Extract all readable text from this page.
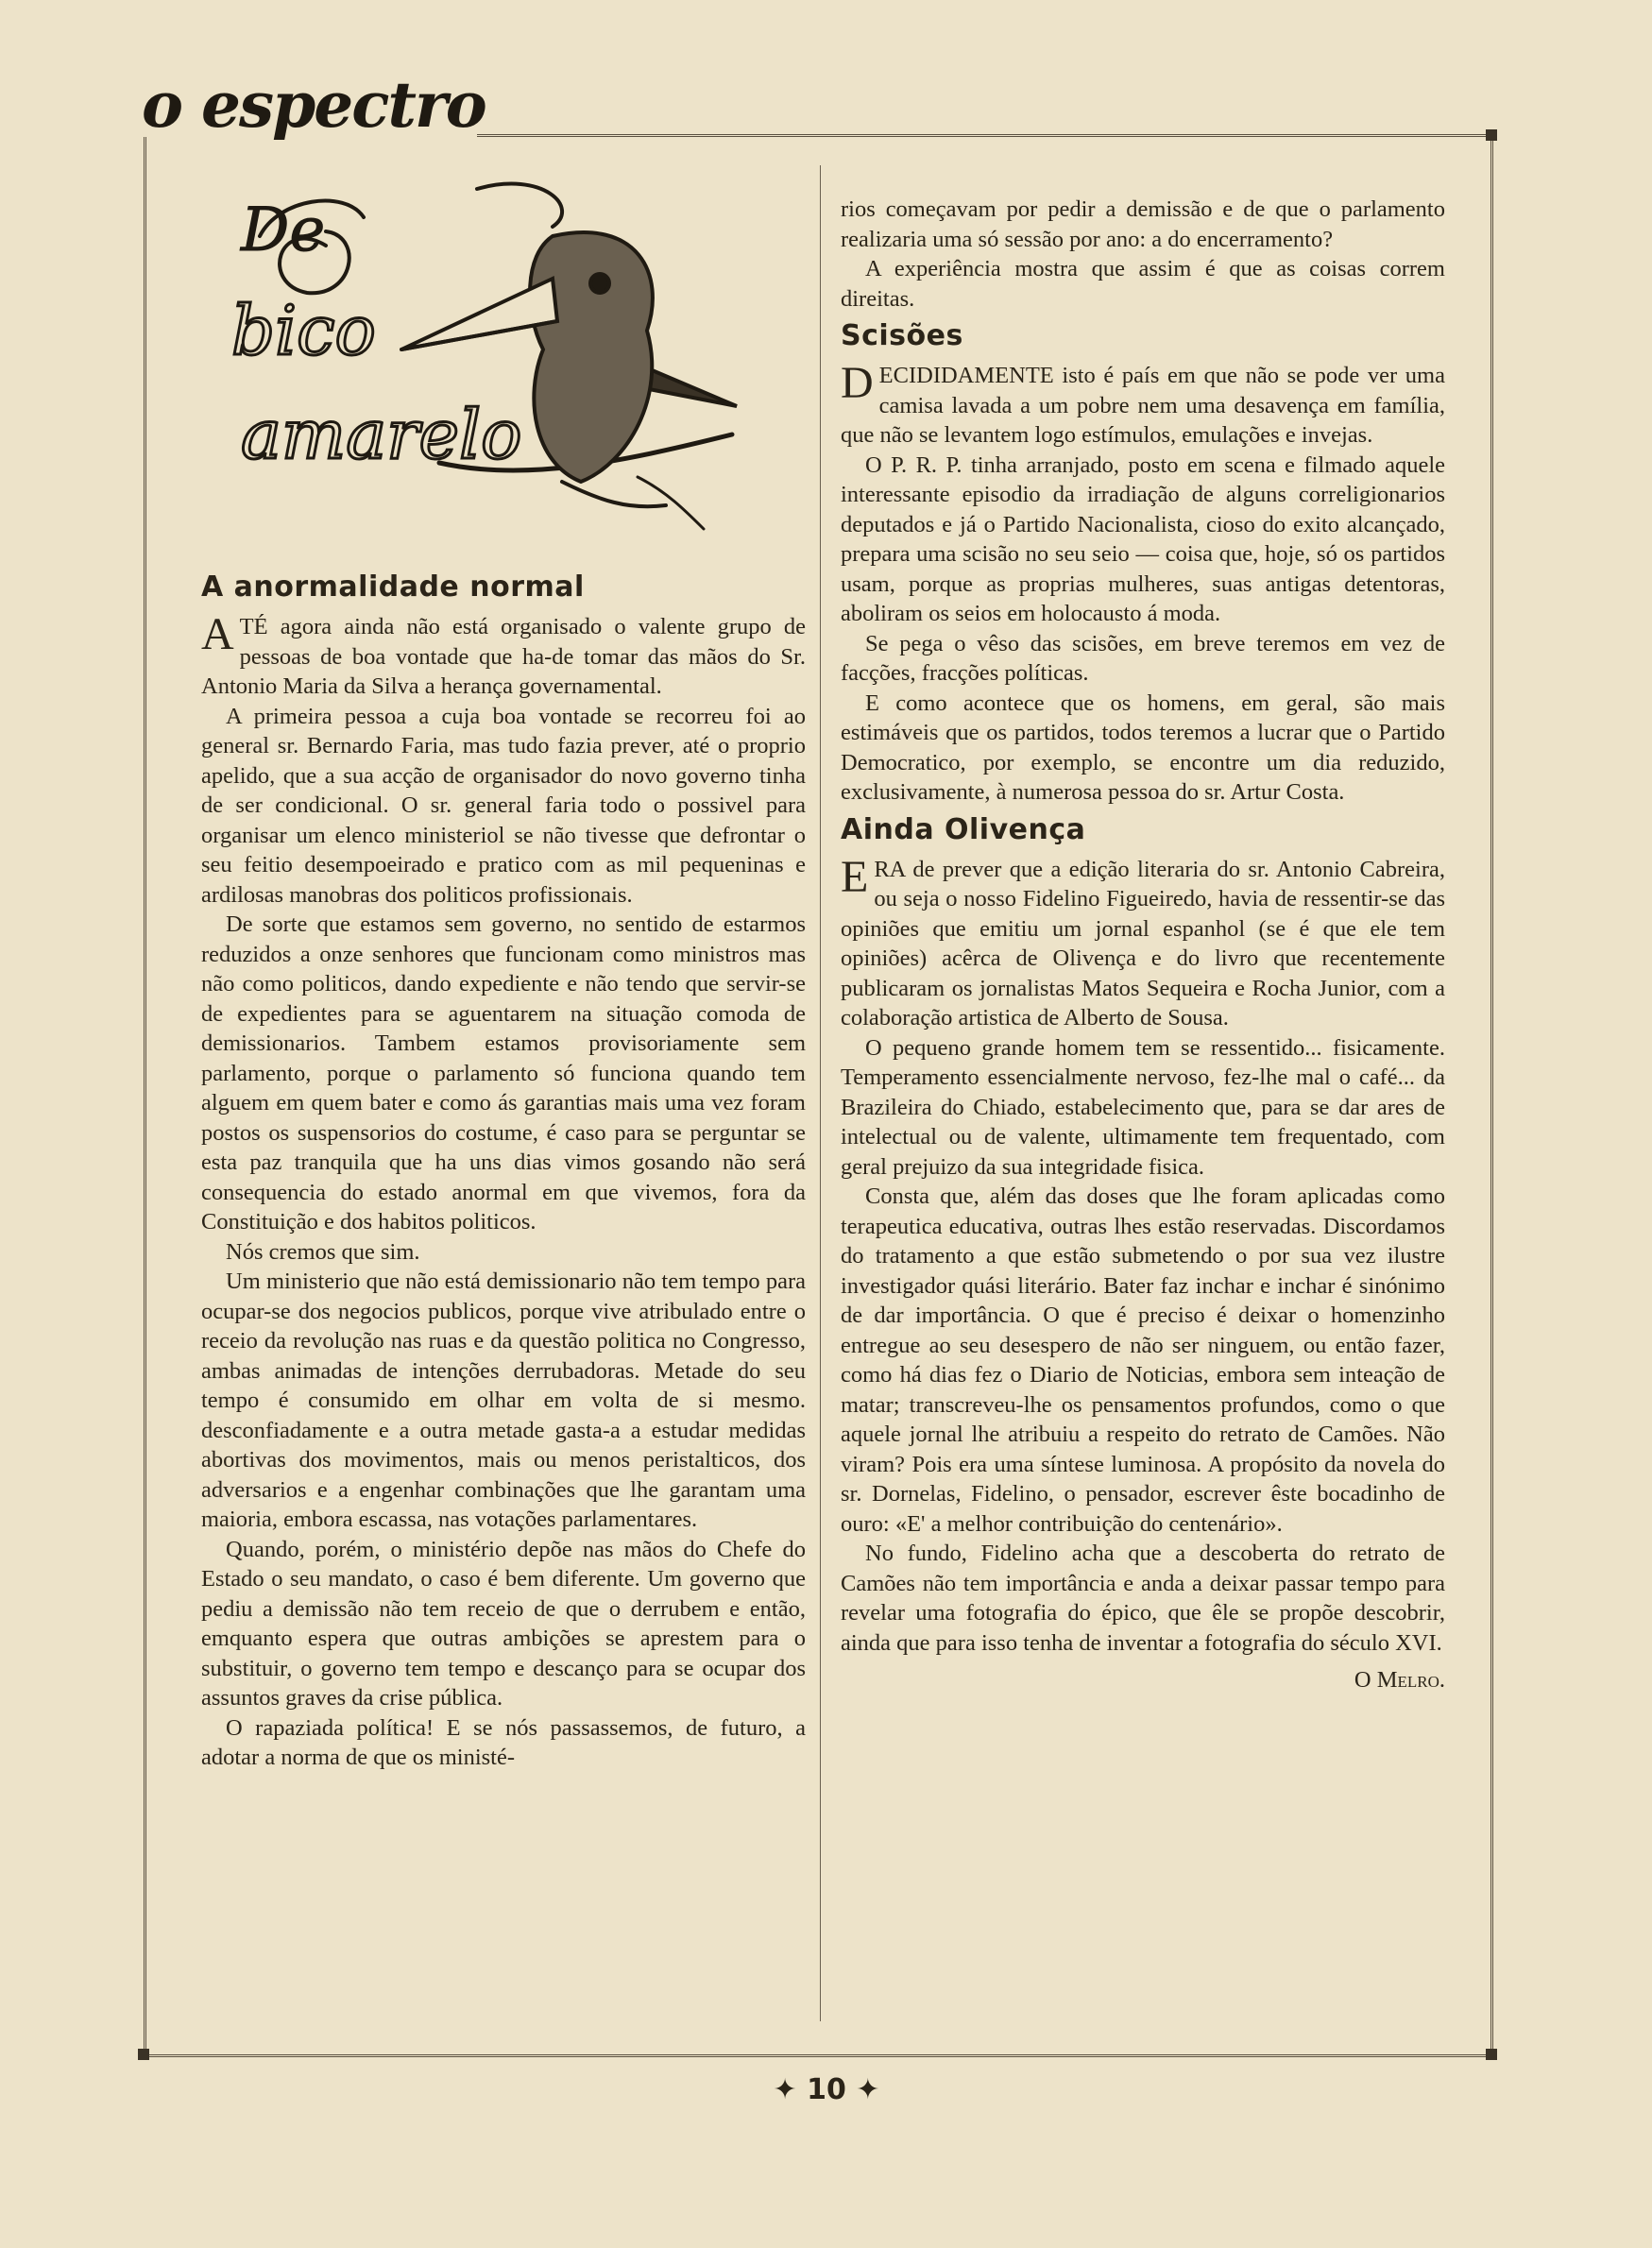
o espectro
De
bico
amarelo
A anormalidade normal

ATÉ agora ainda não está organisado o valente grupo de pessoas de boa vontade que ha-de tomar das mãos do Sr. Antonio Maria da Silva a herança governamental.

A primeira pessoa a cuja boa vontade se recorreu foi ao general sr. Bernardo Faria, mas tudo fazia prever, até o proprio apelido, que a sua acção de organisador do novo governo tinha de ser condicional. O sr. general faria todo o possivel para organisar um elenco ministeriol se não tivesse que defrontar o seu feitio desempoeirado e pratico com as mil pequeninas e ardilosas manobras dos politicos profissionais.

De sorte que estamos sem governo, no sentido de estarmos reduzidos a onze senhores que funcionam como ministros mas não como politicos, dando expediente e não tendo que servir-se de expedientes para se aguentarem na situação comoda de demissionarios. Tambem estamos provisoriamente sem parlamento, porque o parlamento só funciona quando tem alguem em quem bater e como ás garantias mais uma vez foram postos os suspensorios do costume, é caso para se perguntar se esta paz tranquila que ha uns dias vimos gosando não será consequencia do estado anormal em que vivemos, fora da Constituição e dos habitos politicos.

Nós cremos que sim.

Um ministerio que não está demissionario não tem tempo para ocupar-se dos negocios publicos, porque vive atribulado entre o receio da revolução nas ruas e da questão politica no Congresso, ambas animadas de intenções derrubadoras. Metade do seu tempo é consumido em olhar em volta de si mesmo. desconfiadamente e a outra metade gasta-a a estudar medidas abortivas dos movimentos, mais ou menos peristalticos, dos adversarios e a engenhar combinações que lhe garantam uma maioria, embora escassa, nas votações parlamentares.

Quando, porém, o ministério depõe nas mãos do Chefe do Estado o seu mandato, o caso é bem diferente. Um governo que pediu a demissão não tem receio de que o derrubem e então, emquanto espera que outras ambições se aprestem para o substituir, o governo tem tempo e descanço para se ocupar dos assuntos graves da crise pública.

O rapaziada política! E se nós passassemos, de futuro, a adotar a norma de que os ministé-

rios começavam por pedir a demissão e de que o parlamento realizaria uma só sessão por ano: a do encerramento?

A experiência mostra que assim é que as coisas correm direitas.

Scisões

DECIDIDAMENTE isto é país em que não se pode ver uma camisa lavada a um pobre nem uma desavença em família, que não se levantem logo estímulos, emulações e invejas.

O P. R. P. tinha arranjado, posto em scena e filmado aquele interessante episodio da irradiação de alguns correligionarios deputados e já o Partido Nacionalista, cioso do exito alcançado, prepara uma scisão no seu seio — coisa que, hoje, só os partidos usam, porque as proprias mulheres, suas antigas detentoras, aboliram os seios em holocausto á moda.

Se pega o vêso das scisões, em breve teremos em vez de facções, fracções políticas.

E como acontece que os homens, em geral, são mais estimáveis que os partidos, todos teremos a lucrar que o Partido Democratico, por exemplo, se encontre um dia reduzido, exclusivamente, à numerosa pessoa do sr. Artur Costa.

Ainda Olivença

ERA de prever que a edição literaria do sr. Antonio Cabreira, ou seja o nosso Fidelino Figueiredo, havia de ressentir-se das opiniões que emitiu um jornal espanhol (se é que ele tem opiniões) acêrca de Olivença e do livro que recentemente publicaram os jornalistas Matos Sequeira e Rocha Junior, com a colaboração artistica de Alberto de Sousa.

O pequeno grande homem tem se ressentido... fisicamente. Temperamento essencialmente nervoso, fez-lhe mal o café... da Brazileira do Chiado, estabelecimento que, para se dar ares de intelectual ou de valente, ultimamente tem frequentado, com geral prejuizo da sua integridade fisica.

Consta que, além das doses que lhe foram aplicadas como terapeutica educativa, outras lhes estão reservadas. Discordamos do tratamento a que estão submetendo o por sua vez ilustre investigador quási literário. Bater faz inchar e inchar é sinónimo de dar importância. O que é preciso é deixar o homenzinho entregue ao seu desespero de não ser ninguem, ou então fazer, como há dias fez o Diario de Noticias, embora sem inteação de matar; transcreveu-lhe os pensamentos profundos, como o que aquele jornal lhe atribuiu a respeito do retrato de Camões. Não viram? Pois era uma síntese luminosa. A propósito da novela do sr. Dornelas, Fidelino, o pensador, escrever êste bocadinho de ouro: «E' a melhor contribuição do centenário».

No fundo, Fidelino acha que a descoberta do retrato de Camões não tem importância e anda a deixar passar tempo para revelar uma fotografia do épico, que êle se propõe descobrir, ainda que para isso tenha de inventar a fotografia do século XVI.

O Melro.
✦ 10 ✦
